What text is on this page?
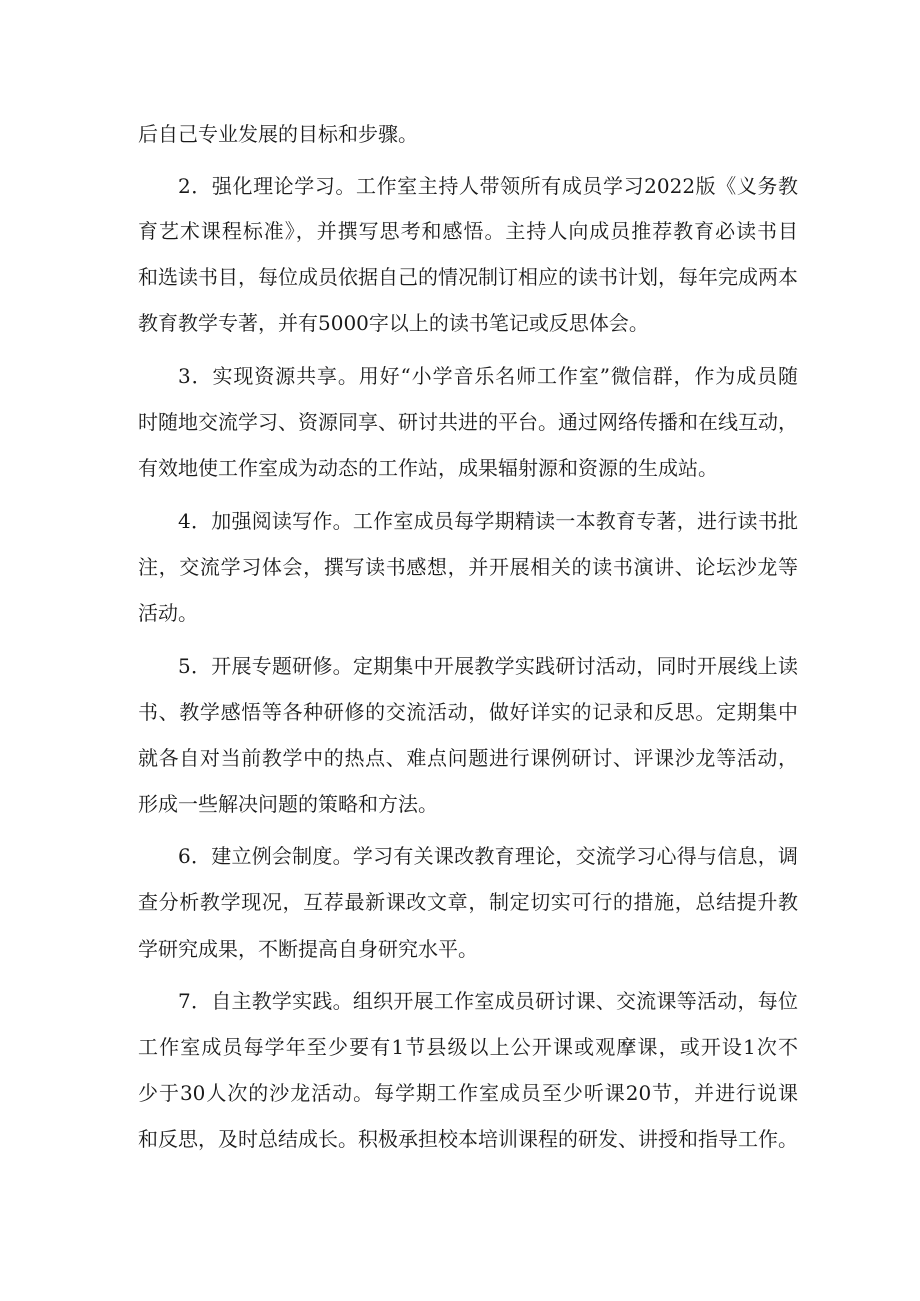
后自己专业发展的目标和步骤。

2．强化理论学习。工作室主持人带领所有成员学习2022版《义务教

育艺术课程标准》，并撰写思考和感悟。主持人向成员推荐教育必读书目

和选读书目，每位成员依据自己的情况制订相应的读书计划，每年完成两本

教育教学专著，并有5000字以上的读书笔记或反思体会。

3．实现资源共享。用好“小学音乐名师工作室”微信群，作为成员随

时随地交流学习、资源同享、研讨共进的平台。通过网络传播和在线互动，

有效地使工作室成为动态的工作站，成果辐射源和资源的生成站。

4．加强阅读写作。工作室成员每学期精读一本教育专著，进行读书批

注，交流学习体会，撰写读书感想，并开展相关的读书演讲、论坛沙龙等

活动。

5．开展专题研修。定期集中开展教学实践研讨活动，同时开展线上读

书、教学感悟等各种研修的交流活动，做好详实的记录和反思。定期集中

就各自对当前教学中的热点、难点问题进行课例研讨、评课沙龙等活动，

形成一些解决问题的策略和方法。

6．建立例会制度。学习有关课改教育理论，交流学习心得与信息，调

查分析教学现况，互荐最新课改文章，制定切实可行的措施，总结提升教

学研究成果，不断提高自身研究水平。

7．自主教学实践。组织开展工作室成员研讨课、交流课等活动，每位

工作室成员每学年至少要有1节县级以上公开课或观摩课，或开设1次不

少于30人次的沙龙活动。每学期工作室成员至少听课20节，并进行说课

和反思，及时总结成长。积极承担校本培训课程的研发、讲授和指导工作。
